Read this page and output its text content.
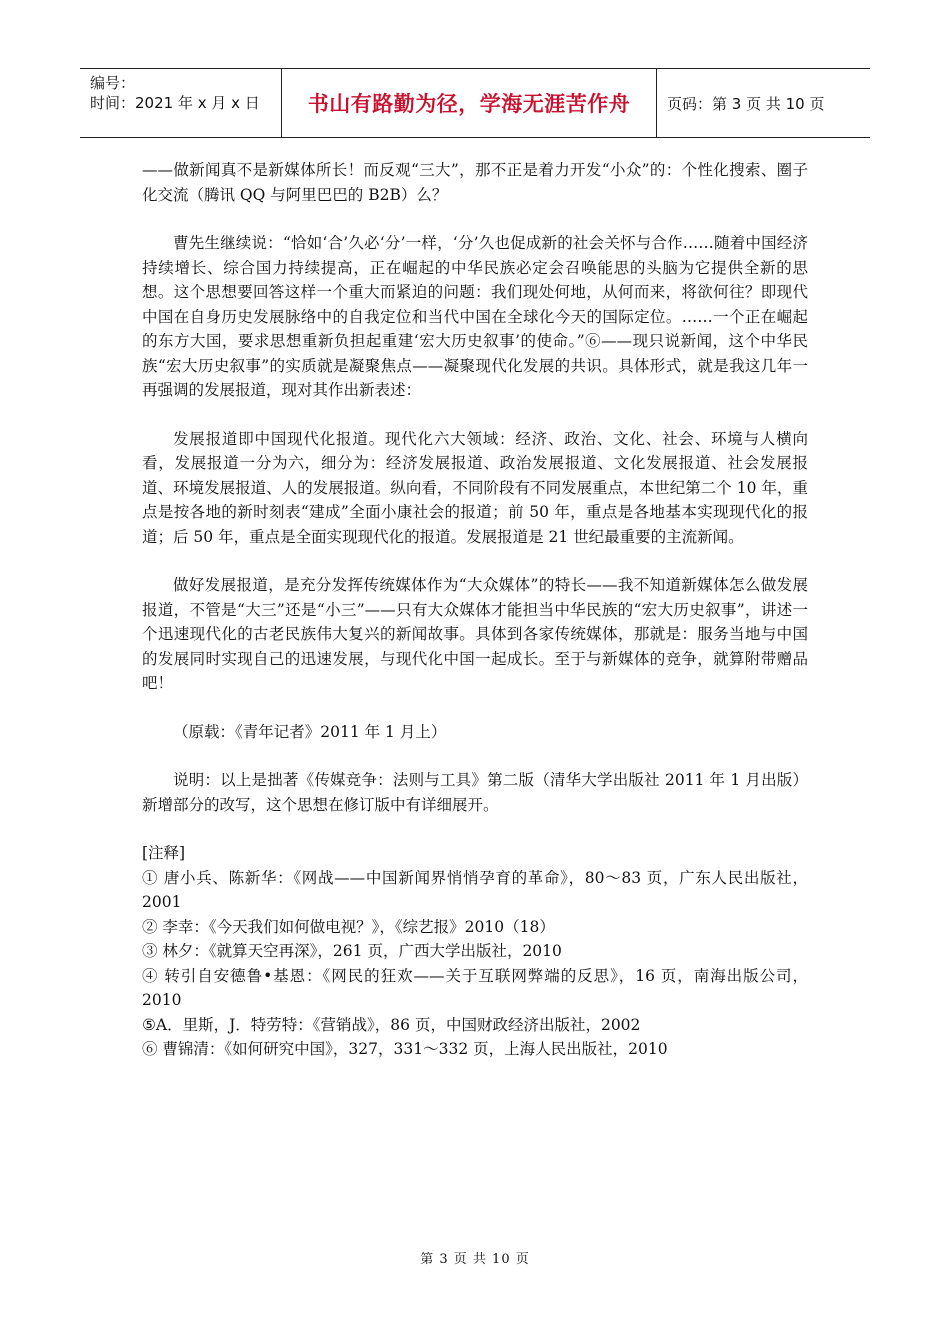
编号：
时间：2021 年 x 月 x 日	书山有路勤为径，学海无涯苦作舟 页码：第 3 页 共 10 页

——做新闻真不是新媒体所长！而反观“三大”，那不正是着力开发“小众”的：个性化搜索、圈子化交流（腾讯 QQ 与阿里巴巴的 B2B）么？

曹先生继续说：“恰如‘合’久必‘分’一样，‘分’久也促成新的社会关怀与合作……随着中国经济持续增长、综合国力持续提高，正在崛起的中华民族必定会召唤能思的头脑为它提供全新的思想。这个思想要回答这样一个重大而紧迫的问题：我们现处何地，从何而来，将欲何往？即现代中国在自身历史发展脉络中的自我定位和当代中国在全球化今天的国际定位。……一个正在崛起的东方大国，要求思想重新负担起重建‘宏大历史叙事’的使命。”⑥——现只说新闻，这个中华民族“宏大历史叙事”的实质就是凝聚焦点——凝聚现代化发展的共识。具体形式，就是我这几年一再强调的发展报道，现对其作出新表述：

发展报道即中国现代化报道。现代化六大领域：经济、政治、文化、社会、环境与人横向看，发展报道一分为六，细分为：经济发展报道、政治发展报道、文化发展报道、社会发展报道、环境发展报道、人的发展报道。纵向看，不同阶段有不同发展重点，本世纪第二个 10 年，重点是按各地的新时刻表“建成”全面小康社会的报道；前 50 年，重点是各地基本实现现代化的报道；后 50 年，重点是全面实现现代化的报道。发展报道是 21 世纪最重要的主流新闻。

做好发展报道，是充分发挥传统媒体作为“大众媒体”的特长——我不知道新媒体怎么做发展报道，不管是“大三”还是“小三”——只有大众媒体才能担当中华民族的“宏大历史叙事”，讲述一个迅速现代化的古老民族伟大复兴的新闻故事。具体到各家传统媒体，那就是：服务当地与中国的发展同时实现自己的迅速发展，与现代化中国一起成长。至于与新媒体的竞争，就算附带赠品吧！

（原载：《青年记者》2011 年 1 月上）

说明：以上是拙著《传媒竞争：法则与工具》第二版（清华大学出版社 2011 年 1 月出版）新增部分的改写，这个思想在修订版中有详细展开。

[注释]
① 唐小兵、陈新华：《网战——中国新闻界悄悄孕育的革命》，80～83 页，广东人民出版社，2001
② 李幸：《今天我们如何做电视？》，《综艺报》2010（18）
③ 林夕：《就算天空再深》，261 页，广西大学出版社，2010
④ 转引自安德鲁•基恩：《网民的狂欢——关于互联网弊端的反思》，16 页，南海出版公司，2010
⑤A．里斯，J．特劳特：《营销战》，86 页，中国财政经济出版社，2002
⑥ 曹锦清：《如何研究中国》，327，331～332 页，上海人民出版社，2010
第 3 页 共 10 页
